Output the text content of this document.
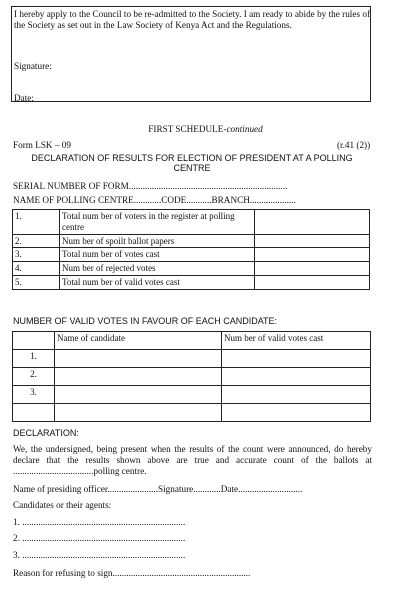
I hereby apply to the Council to be re-admitted to the Society. I am ready to abide by the rules of the Society as set out in the Law Society of Kenya Act and the Regulations.
Signature:
Date:
FIRST SCHEDULE-continued
Form LSK – 09	(r.41 (2))
DECLARATION OF RESULTS FOR ELECTION OF PRESIDENT AT A POLLING CENTRE
SERIAL NUMBER OF FORM.....................................................................
NAME OF POLLING CENTRE............CODE...........BRANCH....................
1.	Total num ber of voters in the register at polling centre	
2.	Num ber of spoilt ballot papers	
3.	Total num ber of votes cast	
4.	Num ber of rejected votes	
5.	Total num ber of valid votes cast	
NUMBER OF VALID VOTES IN FAVOUR OF EACH CANDIDATE:
	Name of candidate	Num ber of valid votes cast
1.		
2.		
3.		

DECLARATION:
We, the undersigned, being present when the results of the count were announced, do hereby declare that the results shown above are true and accurate count of the ballots at ...................................polling centre.
Name of presiding officer......................Signature............Date............................
Candidates or their agents:
1. .......................................................................
2. .......................................................................
3. .......................................................................
Reason for refusing to sign............................................................
